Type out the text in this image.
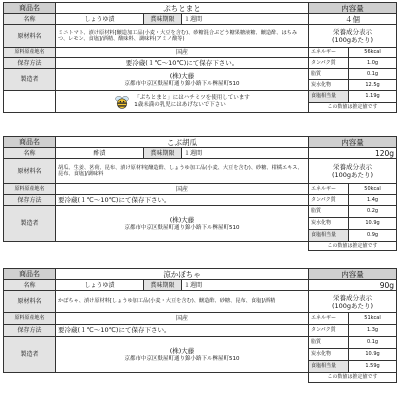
商品名	ぷちとまと			内容量	
名称	しょうゆ漬	賞味期限	１週間	４個	
原材料名	ミニトマト、漬け原材料[醸造加工品(小麦・大豆を含む)、砂糖混合ぶどう糖果糖液糖、醸造酢、はちみつ、レモン、食塩]/酒精、酸味料、調味料(アミノ酸等)			栄養成分表示
(100gあたり)	
原料原産地名	国産			エネルギー	56kcal
保存方法	要冷蔵(１℃〜10℃)にて保存下さい。			タンパク質	1.0g
製造者	(株)大藤
京都市中京区麩屋町通り錦小路下ル桝屋町510			脂質	0.1g
				炭水化物	12.5g

	「ぷちとまと」にはハチミツを使用しています
1歳未満の乳児にはあげないで下さい			食塩相当量	1.19g
				この数値は推定値です	
商品名	こぶ胡瓜			内容量	
名称	酢漬	賞味期限	１週間	120g	
原材料名	胡瓜、生姜、茗荷、昆布、漬け原材料[醸造酢、しょうゆ加工品(小麦、大豆を含む)、砂糖、柑橘エキス、昆布、食塩]/調味料			栄養成分表示
(100gあたり)	
原料原産地名	国産			エネルギー	50kcal
保存方法	要冷蔵(１℃〜10℃)にて保存下さい。			タンパク質	1.4g
製造者	(株)大藤
京都市中京区麩屋町通り錦小路下ル桝屋町510			脂質	0.2g
				炭水化物	10.9g
				食塩相当量	0.9g
				この数値は推定値です	
商品名	涼かぼちゃ			内容量	
名称	しょうゆ漬	賞味期限	１週間	90g	
原材料名	かぼちゃ、漬け原材料[しょうゆ加工品(小麦・大豆を含む)、醸造酢、砂糖、昆布、食塩]/酒精			栄養成分表示
(100gあたり)	
原料原産地名	国産			エネルギー	51kcal
保存方法	要冷蔵(１℃〜10℃)にて保存下さい。			タンパク質	1.3g
製造者	(株)大藤
京都市中京区麩屋町通り錦小路下ル桝屋町510			脂質	0.1g
				炭水化物	10.9g
				食塩相当量	1.59g
				この数値は推定値です	
